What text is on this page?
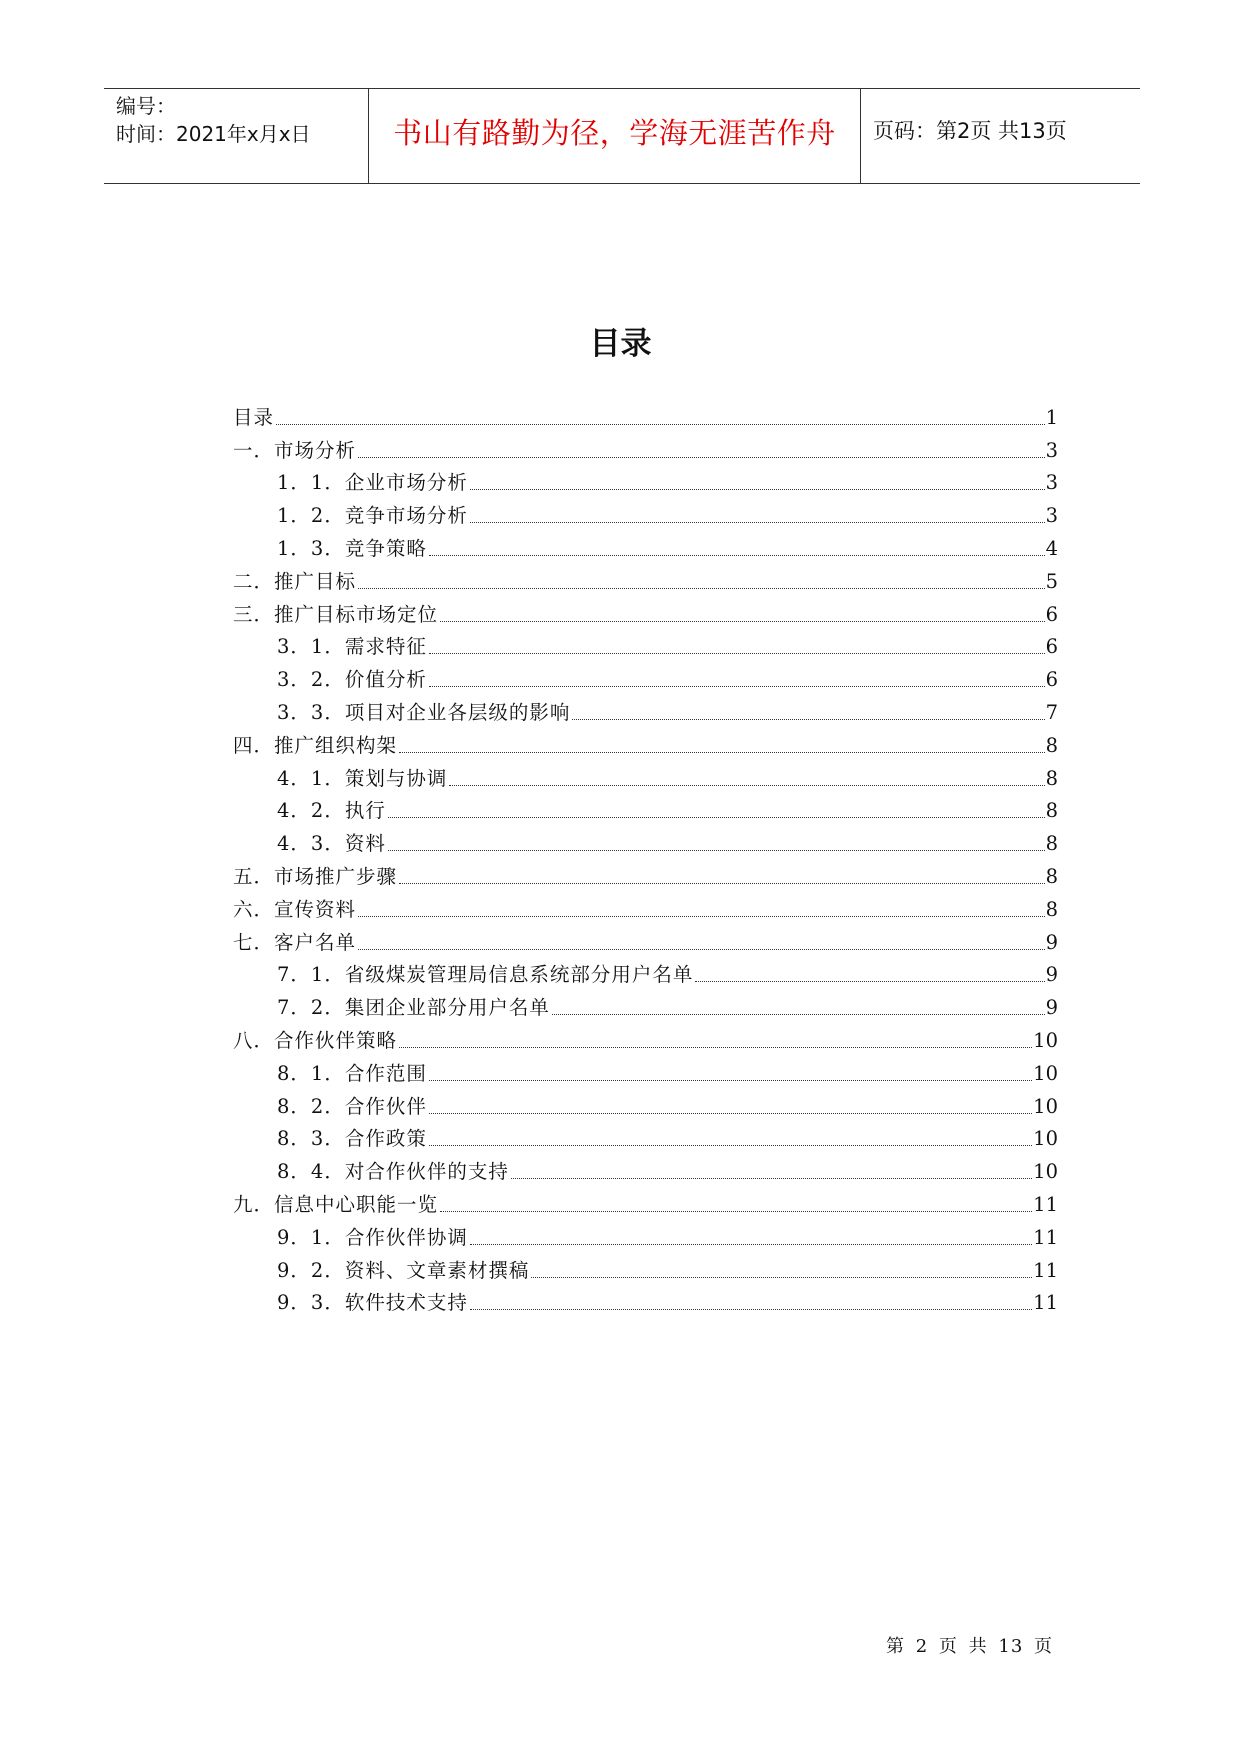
编号：
时间：2021年x月x日	书山有路勤为径，学海无涯苦作舟 页码：第2页 共13页
目录
目录	1
一．市场分析	3
1．1．企业市场分析	3
1．2．竞争市场分析	3
1．3．竞争策略	4
二．推广目标	5
三．推广目标市场定位	6
3．1．需求特征	6
3．2．价值分析	6
3．3．项目对企业各层级的影响	7
四．推广组织构架	8
4．1．策划与协调	8
4．2．执行	8
4．3．资料	8
五．市场推广步骤	8
六．宣传资料	8
七．客户名单	9
7．1．省级煤炭管理局信息系统部分用户名单	9
7．2．集团企业部分用户名单	9
八．合作伙伴策略	10
8．1．合作范围	10
8．2．合作伙伴	10
8．3．合作政策	10
8．4．对合作伙伴的支持	10
九．信息中心职能一览	11
9．1．合作伙伴协调	11
9．2．资料、文章素材撰稿	11
9．3．软件技术支持	11
第 2 页 共 13 页
